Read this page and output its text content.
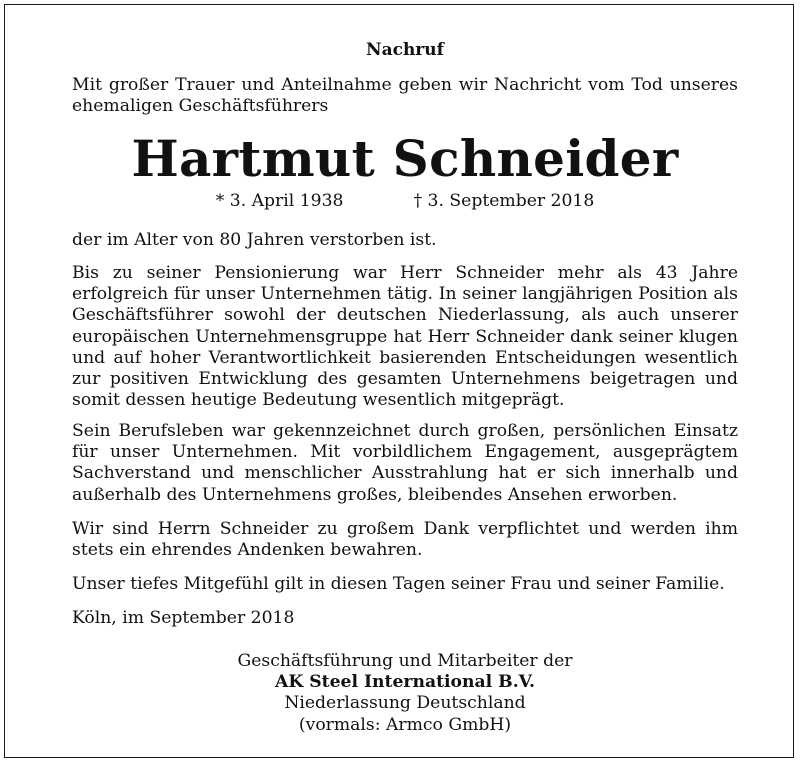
Nachruf

Mit großer Trauer und Anteilnahme geben wir Nachricht vom Tod unseres ehemaligen Geschäftsführers

Hartmut Schneider
* 3. April 1938	† 3. September 2018

der im Alter von 80 Jahren verstorben ist.

Bis zu seiner Pensionierung war Herr Schneider mehr als 43 Jahre erfolgreich für unser Unternehmen tätig. In seiner langjährigen Position als Geschäftsführer sowohl der deutschen Niederlassung, als auch unserer europäischen Unternehmensgruppe hat Herr Schneider dank seiner klugen und auf hoher Verantwortlichkeit basierenden Entscheidungen wesentlich zur positiven Entwicklung des gesamten Unternehmens beigetragen und somit dessen heutige Bedeutung wesentlich mitgeprägt.

Sein Berufsleben war gekennzeichnet durch großen, persönlichen Einsatz für unser Unternehmen. Mit vorbildlichem Engagement, ausgeprägtem Sachverstand und menschlicher Ausstrahlung hat er sich innerhalb und außerhalb des Unternehmens großes, bleibendes Ansehen erworben.

Wir sind Herrn Schneider zu großem Dank verpflichtet und werden ihm stets ein ehrendes Andenken bewahren.

Unser tiefes Mitgefühl gilt in diesen Tagen seiner Frau und seiner Familie.

Köln, im September 2018

Geschäftsführung und Mitarbeiter der
AK Steel International B.V.
Niederlassung Deutschland
(vormals: Armco GmbH)
